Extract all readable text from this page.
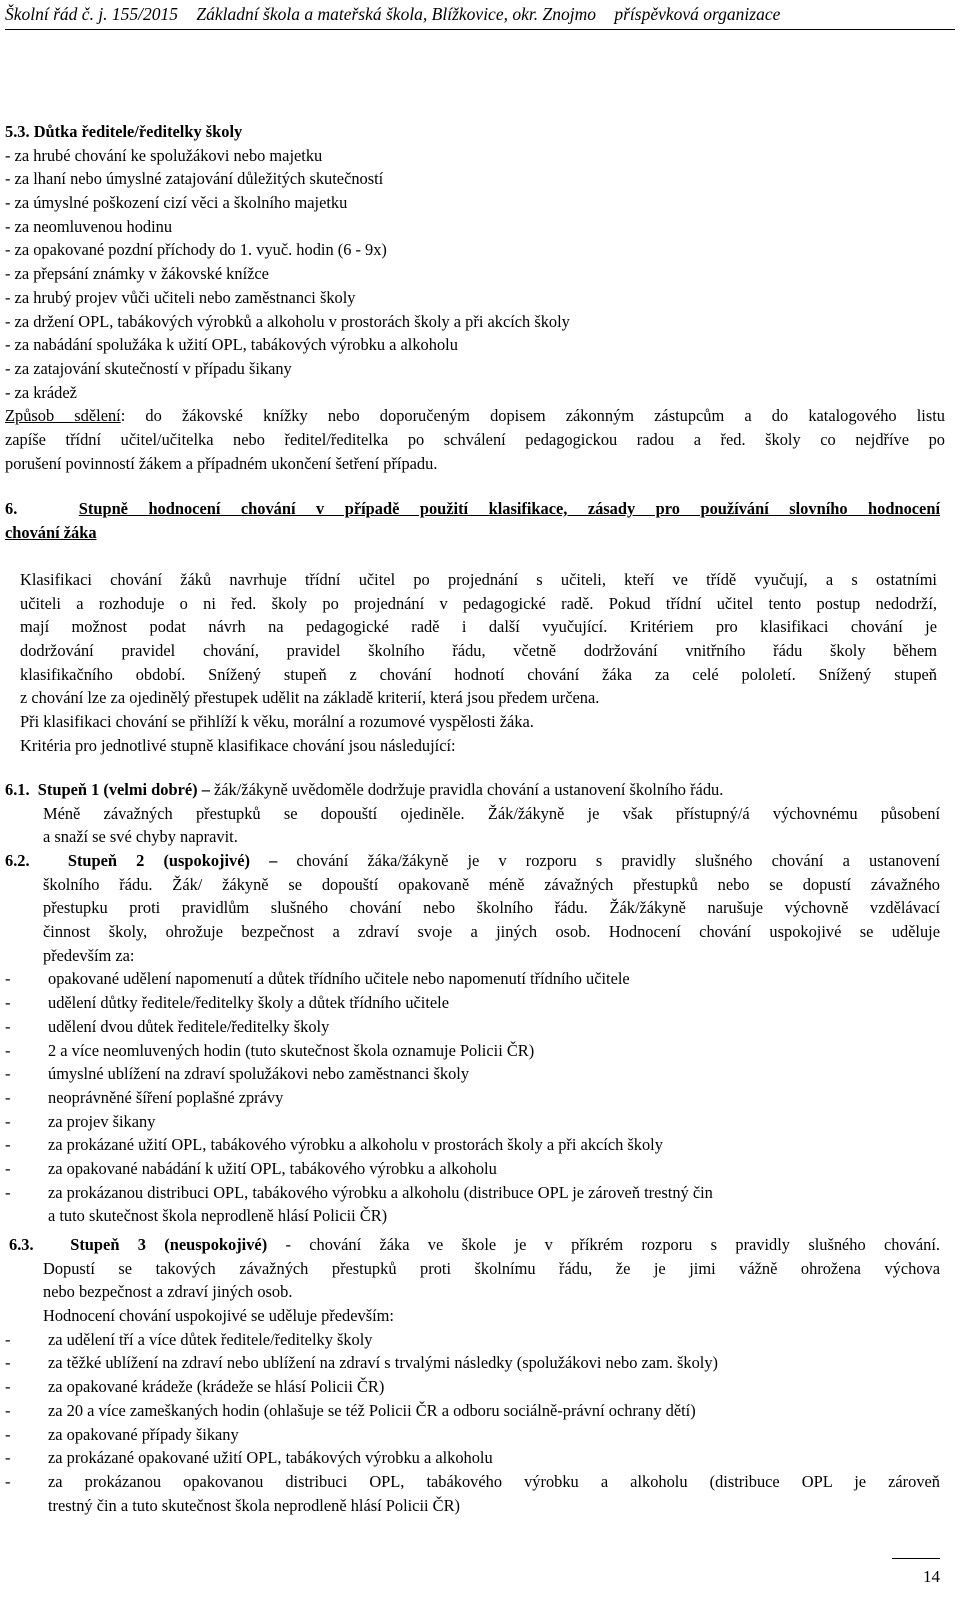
Školní řád č. j. 155/2015 Základní škola a mateřská škola, Blížkovice, okr. Znojmo příspěvková organizace
5.3. Důtka ředitele/ředitelky školy
- za hrubé chování ke spolužákovi nebo majetku
- za lhaní nebo úmyslné zatajování důležitých skutečností
- za úmyslné poškození cizí věci a školního majetku
- za neomluvenou hodinu
- za opakované pozdní příchody do 1. vyuč. hodin (6 - 9x)
- za přepsání známky v žákovské knížce
- za hrubý projev vůči učiteli nebo zaměstnanci školy
- za držení OPL, tabákových výrobků a alkoholu v prostorách školy a při akcích školy
- za nabádání spolužáka k užití OPL, tabákových výrobku a alkoholu
- za zatajování skutečností v případu šikany
- za krádež
Způsob sdělení: do žákovské knížky nebo doporučeným dopisem zákonným zástupcům a do katalogového listu
zapíše třídní učitel/učitelka nebo ředitel/ředitelka po schválení pedagogickou radou a řed. školy co nejdříve po
porušení povinností žákem a případném ukončení šetření případu.
6.	Stupně hodnocení chování v případě použití klasifikace, zásady pro používání slovního hodnocení
chování žáka
Klasifikaci chování žáků navrhuje třídní učitel po projednání s učiteli, kteří ve třídě vyučují, a s ostatními
učiteli a rozhoduje o ni řed. školy po projednání v pedagogické radě. Pokud třídní učitel tento postup nedodrží,
mají možnost podat návrh na pedagogické radě i další vyučující. Kritériem pro klasifikaci chování je
dodržování pravidel chování, pravidel školního řádu, včetně dodržování vnitřního řádu školy během
klasifikačního období. Snížený stupeň z chování hodnotí chování žáka za celé pololetí. Snížený stupeň
z chování lze za ojedinělý přestupek udělit na základě kriterií, která jsou předem určena.
Při klasifikaci chování se přihlíží k věku, morální a rozumové vyspělosti žáka.
Kritéria pro jednotlivé stupně klasifikace chování jsou následující:
6.1. Stupeň 1 (velmi dobré) – žák/žákyně uvědoměle dodržuje pravidla chování a ustanovení školního řádu.
Méně závažných přestupků se dopouští ojediněle. Žák/žákyně je však přístupný/á výchovnému působení
a snaží se své chyby napravit.
6.2. Stupeň 2 (uspokojivé) – chování žáka/žákyně je v rozporu s pravidly slušného chování a ustanovení
školního řádu. Žák/ žákyně se dopouští opakovaně méně závažných přestupků nebo se dopustí závažného
přestupku proti pravidlům slušného chování nebo školního řádu. Žák/žákyně narušuje výchovně vzdělávací
činnost školy, ohrožuje bezpečnost a zdraví svoje a jiných osob. Hodnocení chování uspokojivé se uděluje
především za:
- opakované udělení napomenutí a důtek třídního učitele nebo napomenutí třídního učitele
- udělení důtky ředitele/ředitelky školy a důtek třídního učitele
- udělení dvou důtek ředitele/ředitelky školy
- 2 a více neomluvených hodin (tuto skutečnost škola oznamuje Policii ČR)
- úmyslné ublížení na zdraví spolužákovi nebo zaměstnanci školy
- neoprávněné šíření poplašné zprávy
- za projev šikany
- za prokázané užití OPL, tabákového výrobku a alkoholu v prostorách školy a při akcích školy
- za opakované nabádání k užití OPL, tabákového výrobku a alkoholu
- za prokázanou distribuci OPL, tabákového výrobku a alkoholu (distribuce OPL je zároveň trestný čin
a tuto skutečnost škola neprodleně hlásí Policii ČR)
6.3. Stupeň 3 (neuspokojivé) - chování žáka ve škole je v příkrém rozporu s pravidly slušného chování.
Dopustí se takových závažných přestupků proti školnímu řádu, že je jimi vážně ohrožena výchova
nebo bezpečnost a zdraví jiných osob.
Hodnocení chování uspokojivé se uděluje především:
- za udělení tří a více důtek ředitele/ředitelky školy
- za těžké ublížení na zdraví nebo ublížení na zdraví s trvalými následky (spolužákovi nebo zam. školy)
- za opakované krádeže (krádeže se hlásí Policii ČR)
- za 20 a více zameškaných hodin (ohlašuje se též Policii ČR a odboru sociálně-právní ochrany dětí)
- za opakované případy šikany
- za prokázané opakované užití OPL, tabákových výrobku a alkoholu
- za prokázanou opakovanou distribuci OPL, tabákového výrobku a alkoholu (distribuce OPL je zároveň
trestný čin a tuto skutečnost škola neprodleně hlásí Policii ČR)
14
